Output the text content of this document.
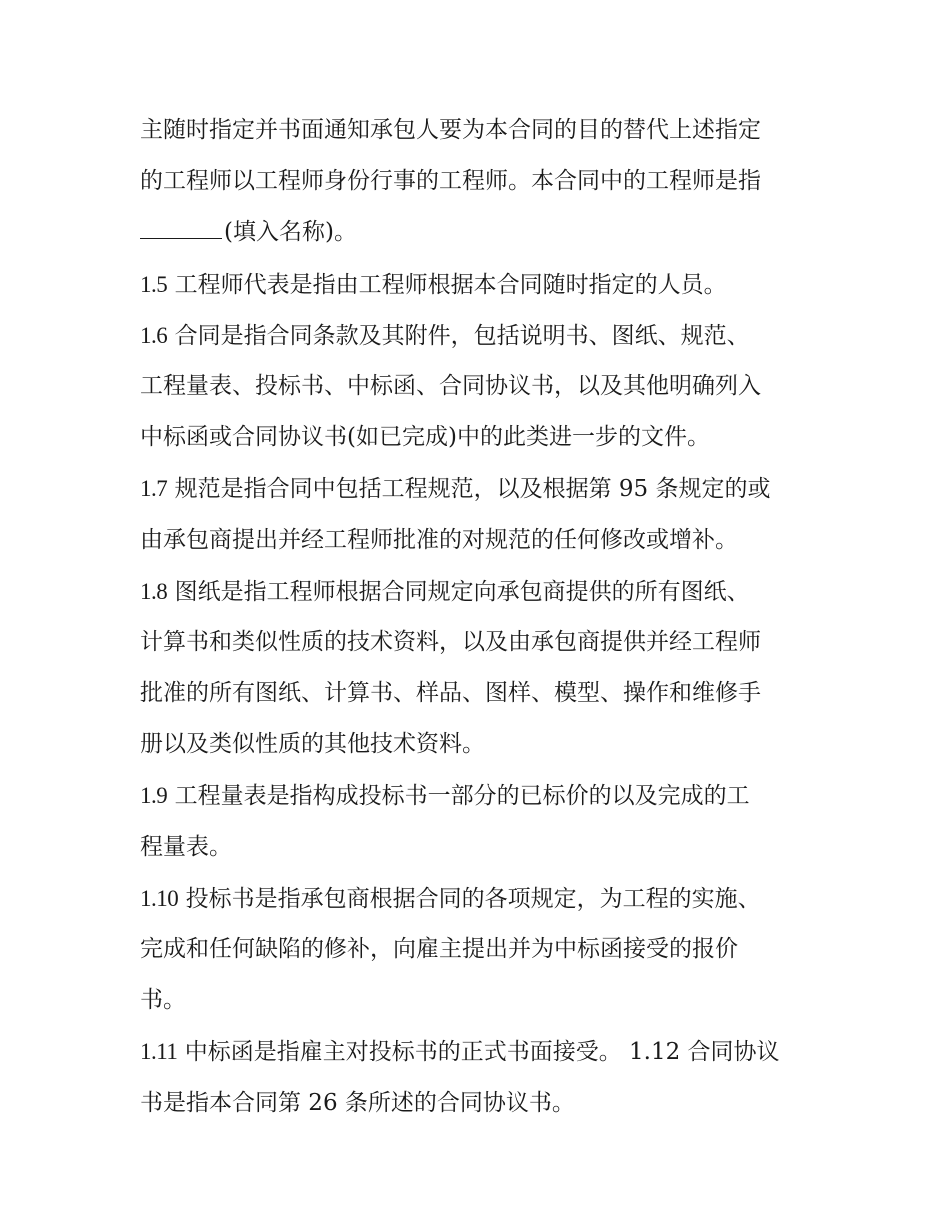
主随时指定并书面通知承包人要为本合同的目的替代上述指定
的工程师以工程师身份行事的工程师。本合同中的工程师是指
(填入名称)。
1.5 工程师代表是指由工程师根据本合同随时指定的人员。
1.6 合同是指合同条款及其附件，包括说明书、图纸、规范、
工程量表、投标书、中标函、合同协议书，以及其他明确列入
中标函或合同协议书(如已完成)中的此类进一步的文件。
1.7 规范是指合同中包括工程规范，以及根据第 95 条规定的或
由承包商提出并经工程师批准的对规范的任何修改或增补。
1.8 图纸是指工程师根据合同规定向承包商提供的所有图纸、
计算书和类似性质的技术资料，以及由承包商提供并经工程师
批准的所有图纸、计算书、样品、图样、模型、操作和维修手
册以及类似性质的其他技术资料。
1.9 工程量表是指构成投标书一部分的已标价的以及完成的工
程量表。
1.10 投标书是指承包商根据合同的各项规定，为工程的实施、
完成和任何缺陷的修补，向雇主提出并为中标函接受的报价
书。
1.11 中标函是指雇主对投标书的正式书面接受。 1.12 合同协议
书是指本合同第 26 条所述的合同协议书。
